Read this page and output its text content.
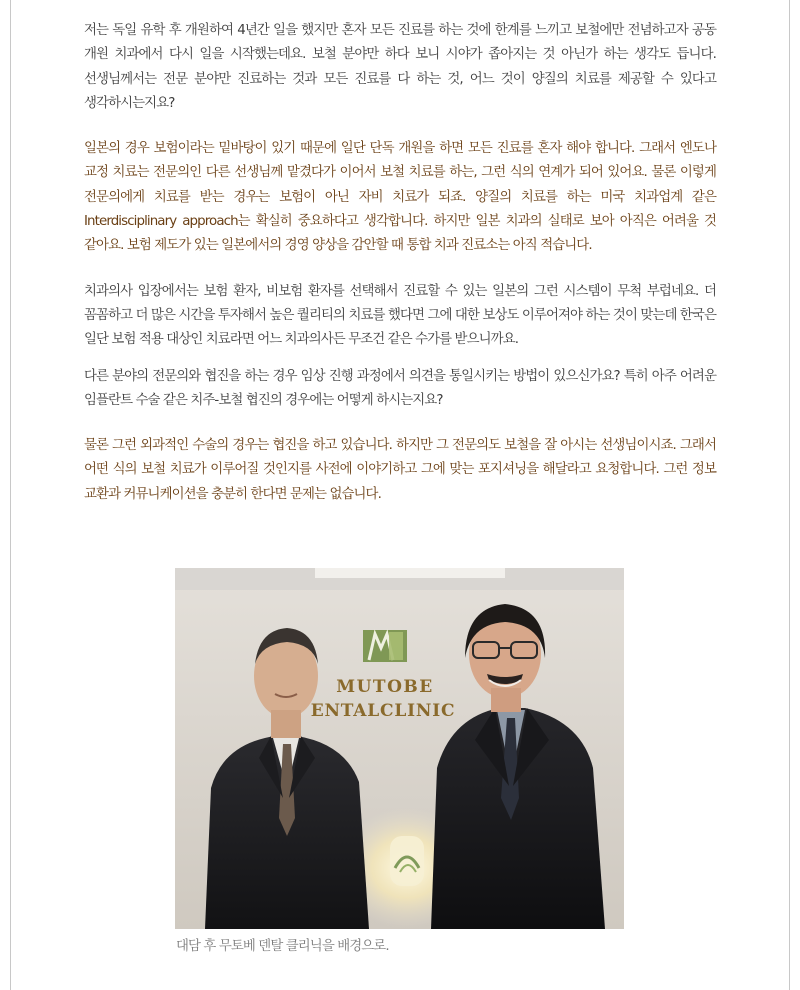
저는 독일 유학 후 개원하여 4년간 일을 했지만 혼자 모든 진료를 하는 것에 한계를 느끼고 보철에만 전념하고자 공동 개원 치과에서 다시 일을 시작했는데요. 보철 분야만 하다 보니 시야가 좁아지는 것 아닌가 하는 생각도 듭니다. 선생님께서는 전문 분야만 진료하는 것과 모든 진료를 다 하는 것, 어느 것이 양질의 치료를 제공할 수 있다고 생각하시는지요?

일본의 경우 보험이라는 밑바탕이 있기 때문에 일단 단독 개원을 하면 모든 진료를 혼자 해야 합니다. 그래서 엔도나 교정 치료는 전문의인 다른 선생님께 맡겼다가 이어서 보철 치료를 하는, 그런 식의 연계가 되어 있어요. 물론 이렇게 전문의에게 치료를 받는 경우는 보험이 아닌 자비 치료가 되죠. 양질의 치료를 하는 미국 치과업계 같은 Interdisciplinary approach는 확실히 중요하다고 생각합니다. 하지만 일본 치과의 실태로 보아 아직은 어려울 것 같아요. 보험 제도가 있는 일본에서의 경영 양상을 감안할 때 통합 치과 진료소는 아직 적습니다.

치과의사 입장에서는 보험 환자, 비보험 환자를 선택해서 진료할 수 있는 일본의 그런 시스템이 무척 부럽네요. 더 꼼꼼하고 더 많은 시간을 투자해서 높은 퀄리티의 치료를 했다면 그에 대한 보상도 이루어져야 하는 것이 맞는데 한국은 일단 보험 적용 대상인 치료라면 어느 치과의사든 무조건 같은 수가를 받으니까요.

다른 분야의 전문의와 협진을 하는 경우 임상 진행 과정에서 의견을 통일시키는 방법이 있으신가요? 특히 아주 어려운 임플란트 수술 같은 치주-보철 협진의 경우에는 어떻게 하시는지요?

물론 그런 외과적인 수술의 경우는 협진을 하고 있습니다. 하지만 그 전문의도 보철을 잘 아시는 선생님이시죠. 그래서 어떤 식의 보철 치료가 이루어질 것인지를 사전에 이야기하고 그에 맞는 포지셔닝을 해달라고 요청합니다. 그런 정보 교환과 커뮤니케이션을 충분히 한다면 문제는 없습니다.

MUTOBE
ENTALCLINIC

대담 후 무토베 덴탈 클리닉을 배경으로.
